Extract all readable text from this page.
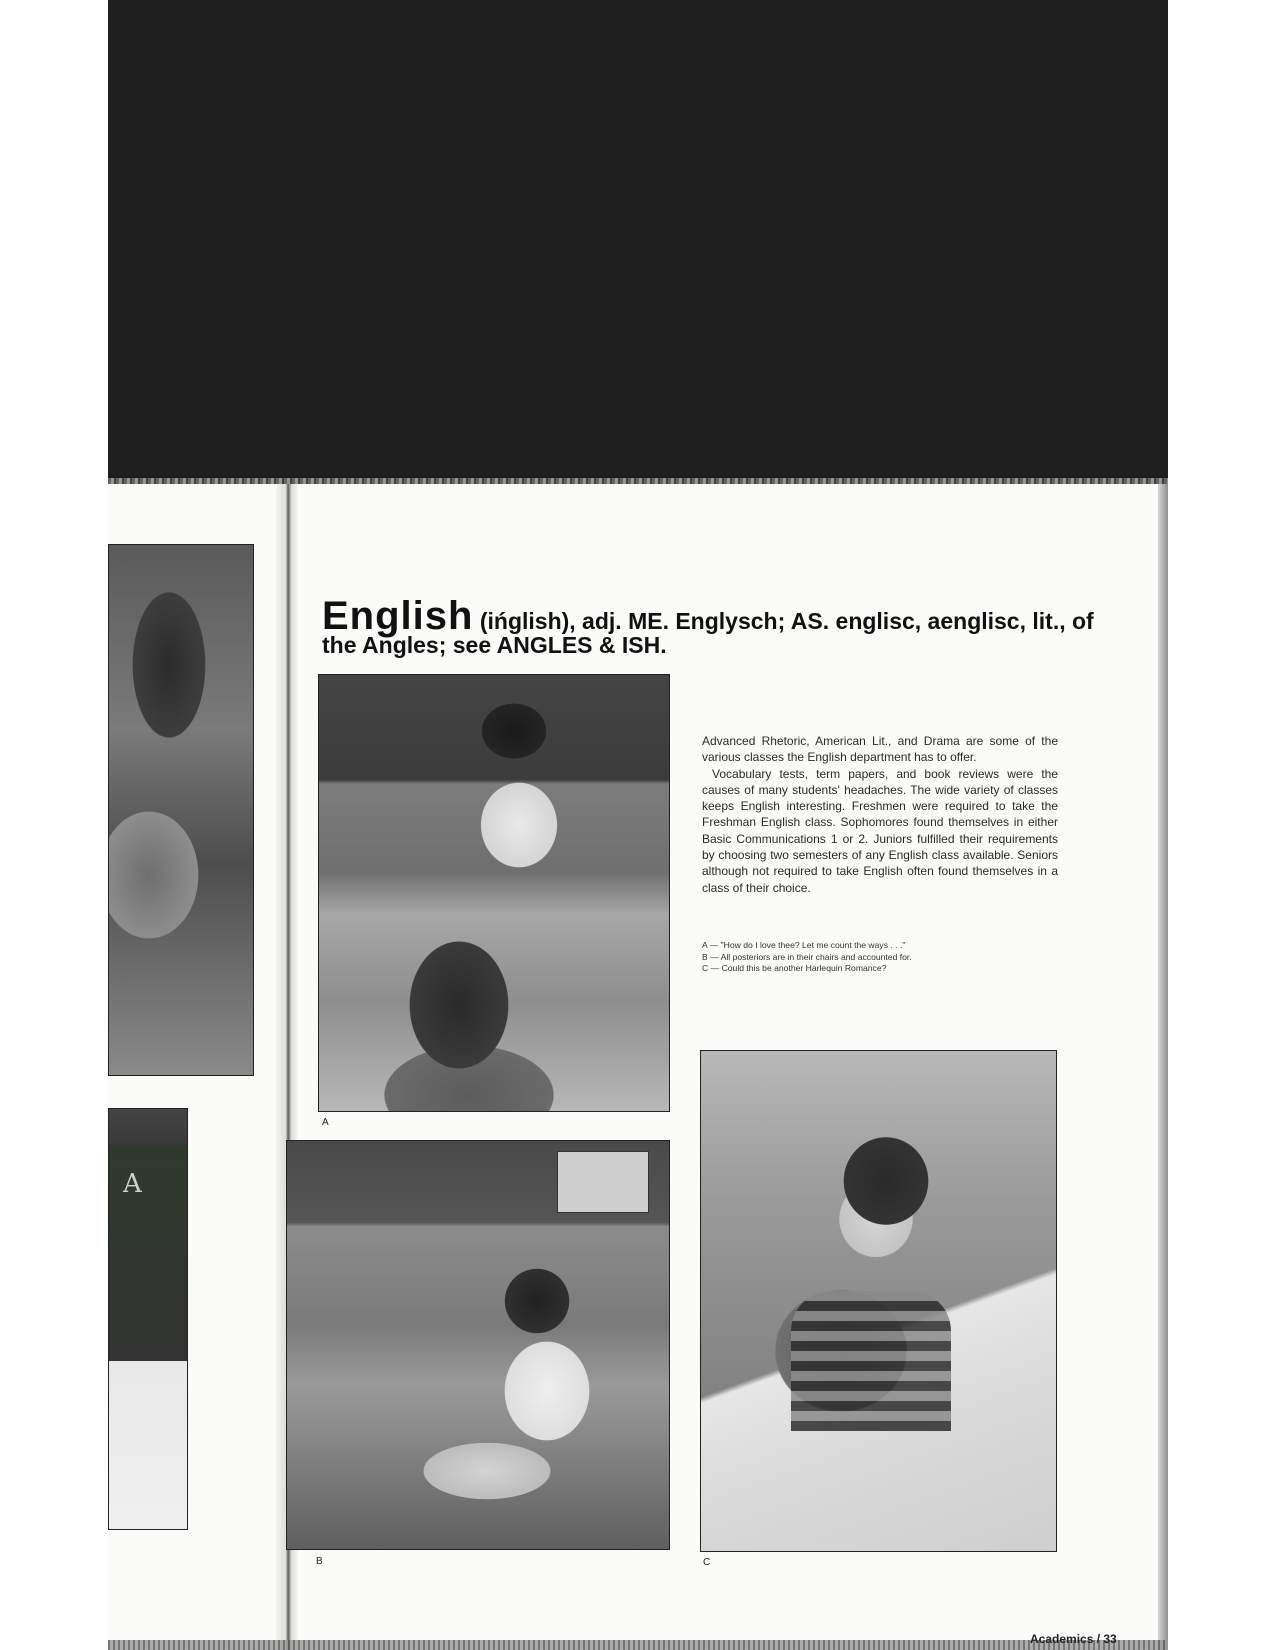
A
English (ińglish), adj. ME. Englysch; AS. englisc, aenglisc, lit., of
the Angles; see ANGLES & ISH.
A
B	C

Advanced Rhetoric, American Lit., and Drama are some of the various classes the English department has to offer.

Vocabulary tests, term papers, and book reviews were the causes of many students' headaches. The wide variety of classes keeps English interesting. Freshmen were required to take the Freshman English class. Sophomores found themselves in either Basic Communications 1 or 2. Juniors fulfilled their requirements by choosing two semesters of any English class available. Seniors although not required to take English often found themselves in a class of their choice.

A — "How do I love thee? Let me count the ways . . ."
B — All posteriors are in their chairs and accounted for.
C — Could this be another Harlequin Romance?
Academics / 33
